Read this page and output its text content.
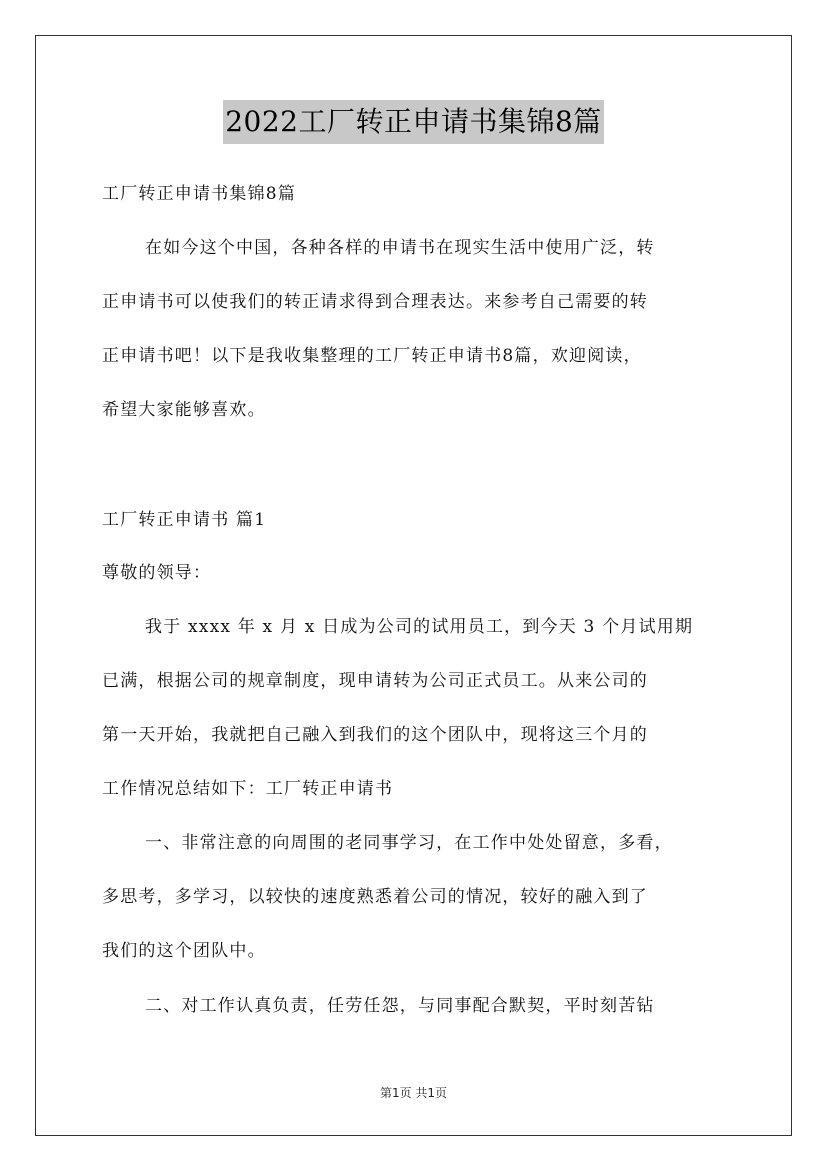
2022工厂转正申请书集锦8篇
工厂转正申请书集锦8篇
在如今这个中国，各种各样的申请书在现实生活中使用广泛，转
正申请书可以使我们的转正请求得到合理表达。来参考自己需要的转
正申请书吧！以下是我收集整理的工厂转正申请书8篇，欢迎阅读，
希望大家能够喜欢。
工厂转正申请书 篇1
尊敬的领导：
我于 xxxx 年 x 月 x 日成为公司的试用员工，到今天 3 个月试用期
已满，根据公司的规章制度，现申请转为公司正式员工。从来公司的
第一天开始，我就把自己融入到我们的这个团队中，现将这三个月的
工作情况总结如下：工厂转正申请书
一、非常注意的向周围的老同事学习，在工作中处处留意，多看，
多思考，多学习，以较快的速度熟悉着公司的情况，较好的融入到了
我们的这个团队中。
二、对工作认真负责，任劳任怨，与同事配合默契，平时刻苦钻
第1页 共1页
